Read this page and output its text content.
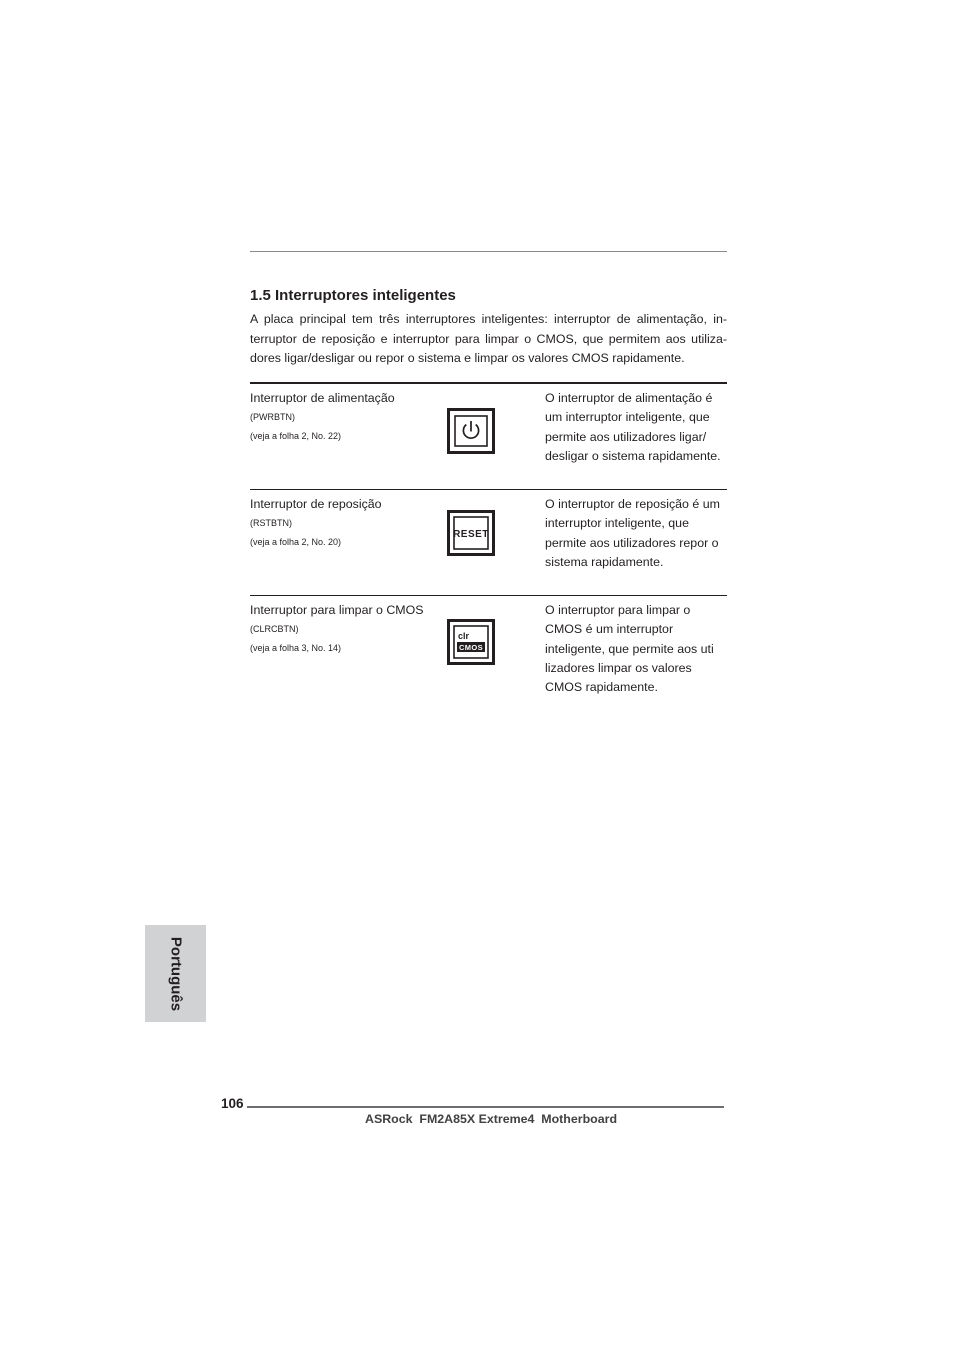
1.5 Interruptores inteligentes

A placa principal tem três interruptores inteligentes: interruptor de alimentação, in-
terruptor de reposição e interruptor para limpar o CMOS, que permitem aos utiliza-
dores ligar/desligar ou repor o sistema e limpar os valores CMOS rapidamente.

Interruptor de alimentação
(PWRBTN)
(veja a folha 2, No. 22)
O interruptor de alimentação é
um interruptor inteligente, que
permite aos utilizadores ligar/
desligar o sistema rapidamente.
Interruptor de reposição
(RSTBTN)
(veja a folha 2, No. 20)
RESET
O interruptor de reposição é um
interruptor inteligente, que
permite aos utilizadores repor o
sistema rapidamente.
Interruptor para limpar o CMOS
(CLRCBTN)
(veja a folha 3, No. 14)
clr
CMOS
O interruptor para limpar o
CMOS é um interruptor
inteligente, que permite aos uti
lizadores limpar os valores
CMOS rapidamente.
Português
106
ASRock  FM2A85X Extreme4  Motherboard
